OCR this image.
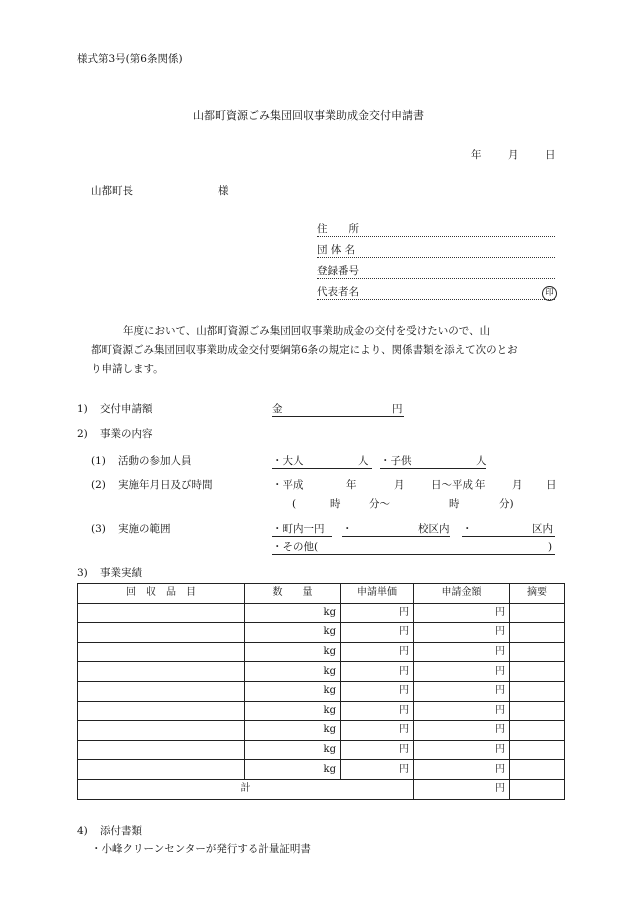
様式第3号(第6条関係)
山都町資源ごみ集団回収事業助成金交付申請書
年	月	日
山都町長	様
住　　所
団 体 名
登録番号
代表者名	印
年度において、山都町資源ごみ集団回収事業助成金の交付を受けたいので、山
都町資源ごみ集団回収事業助成金交付要綱第6条の規定により、関係書類を添えて次のとお
り申請します。
1) 交付申請額	金	円
2) 事業の内容
(1) 活動の参加人員	・大人	人 ・子供	人
(2) 実施年月日及び時間	・平成	年	月	日〜平成 年	月 日
(	時	分〜	時	分)
(3) 実施の範囲	・町内一円 ・	校区内 ・	区内
・その他(	)
3) 事業実績
回　収　品　目	数　　量	申請単価	申請金額	摘要
	kg	円	円	
	kg	円	円	
	kg	円	円	
	kg	円	円	
	kg	円	円	
	kg	円	円	
	kg	円	円	
	kg	円	円	
	kg	円	円	
計			円	
4) 添付書類
・小峰クリーンセンターが発行する計量証明書
